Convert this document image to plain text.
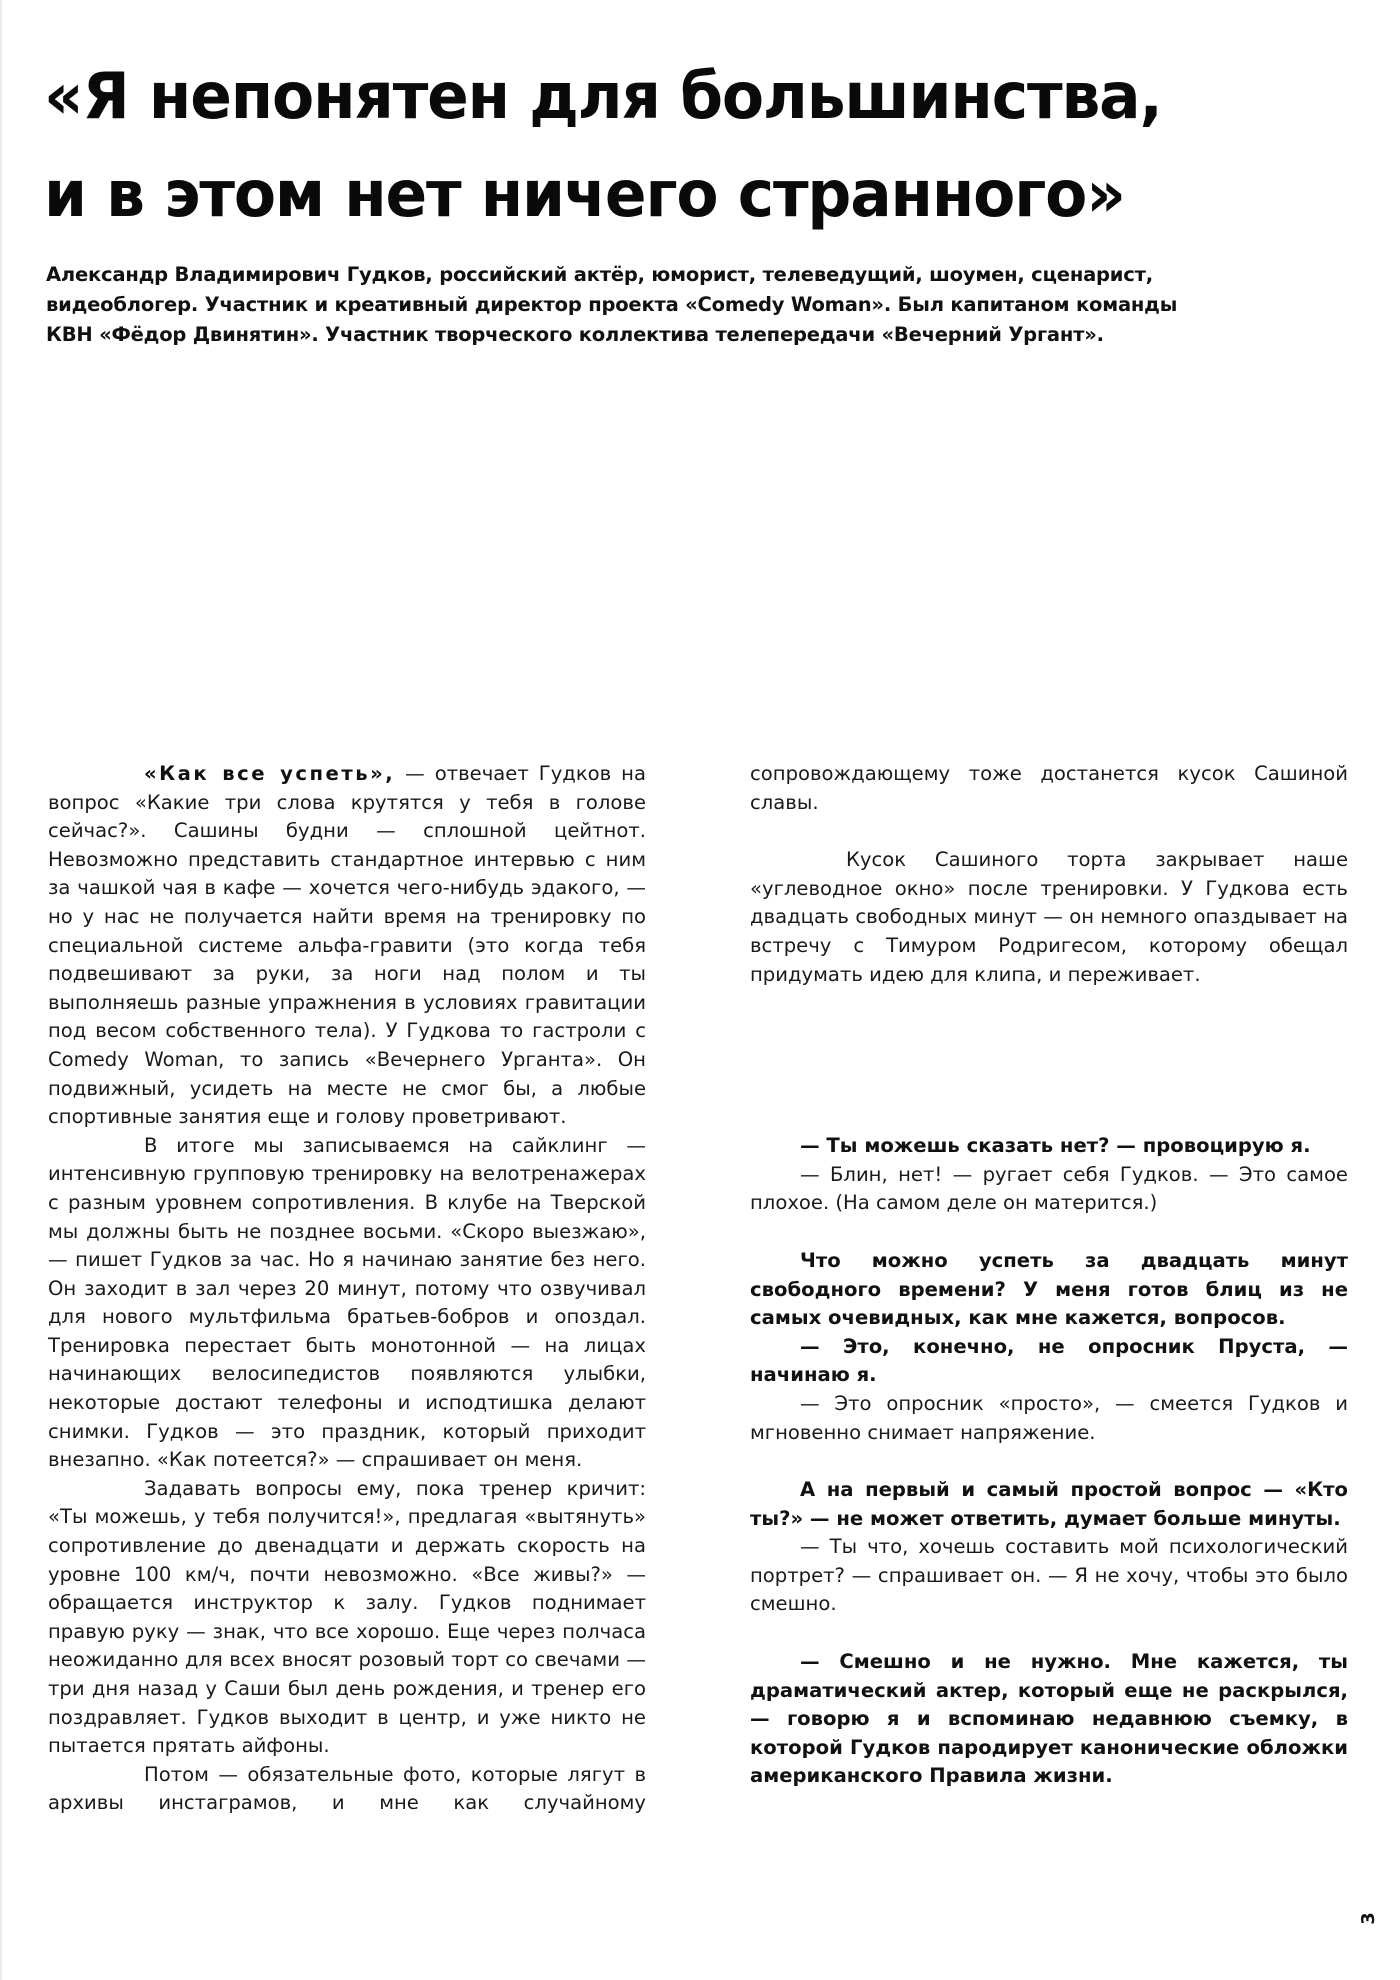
«Я непонятен для большинства,
и в этом нет ничего странного»
Александр Владимирович Гудков, российский актёр, юморист, телеведущий, шоумен, сценарист,
видеоблогер. Участник и креативный директор проекта «Comedy Woman». Был капитаном команды
КВН «Фёдор Двинятин». Участник творческого коллектива телепередачи «Вечерний Ургант».

«Как все успеть», — отвечает Гудков на вопрос «Какие три слова крутятся у тебя в голове сейчас?». Сашины будни — сплошной цейтнот. Невозможно представить стандартное интервью с ним за чашкой чая в кафе — хочется чего-нибудь эдакого, — но у нас не получается найти время на тренировку по специальной системе альфа-гравити (это когда тебя подвешивают за руки, за ноги над полом и ты выполняешь разные упражнения в условиях гравитации под весом собственного тела). У Гудкова то гастроли с Comedy Woman, то запись «Вечернего Урганта». Он подвижный, усидеть на месте не смог бы, а любые спортивные занятия еще и голову проветривают.

В итоге мы записываемся на сайклинг — интенсивную групповую тренировку на велотренажерах с разным уровнем сопротивления. В клубе на Тверской мы должны быть не позднее восьми. «Скоро выезжаю», — пишет Гудков за час. Но я начинаю занятие без него. Он заходит в зал через 20 минут, потому что озвучивал для нового мультфильма братьев-бобров и опоздал. Тренировка перестает быть монотонной — на лицах начинающих велосипедистов появляются улыбки, некоторые достают телефоны и исподтишка делают снимки. Гудков — это праздник, который приходит внезапно. «Как потеется?» — спрашивает он меня.

Задавать вопросы ему, пока тренер кричит: «Ты можешь, у тебя получится!», предлагая «вытянуть» сопротивление до двенадцати и держать скорость на уровне 100 км/ч, почти невозможно. «Все живы?» — обращается инструктор к залу. Гудков поднимает правую руку — знак, что все хорошо. Еще через полчаса неожиданно для всех вносят розовый торт со свечами — три дня назад у Саши был день рождения, и тренер его поздравляет. Гудков выходит в центр, и уже никто не пытается прятать айфоны.

Потом — обязательные фото, которые лягут в архивы инстаграмов, и мне как случайному

сопровождающему тоже достанется кусок Сашиной славы.

Кусок Сашиного торта закрывает наше «углеводное окно» после тренировки. У Гудкова есть двадцать свободных минут — он немного опаздывает на встречу с Тимуром Родригесом, которому обещал придумать идею для клипа, и переживает.

— Ты можешь сказать нет? — провоцирую я.

— Блин, нет! — ругает себя Гудков. — Это самое плохое. (На самом деле он матерится.)

Что можно успеть за двадцать минут свободного времени? У меня готов блиц из не самых очевидных, как мне кажется, вопросов.

— Это, конечно, не опросник Пруста, — начинаю я.

— Это опросник «просто», — смеется Гудков и мгновенно снимает напряжение.

А на первый и самый простой вопрос — «Кто ты?» — не может ответить, думает больше минуты.

— Ты что, хочешь составить мой психологический портрет? — спрашивает он. — Я не хочу, чтобы это было смешно.

— Смешно и не нужно. Мне кажется, ты драматический актер, который еще не раскрылся, — говорю я и вспоминаю недавнюю съемку, в которой Гудков пародирует канонические обложки американского Правила жизни.

3
